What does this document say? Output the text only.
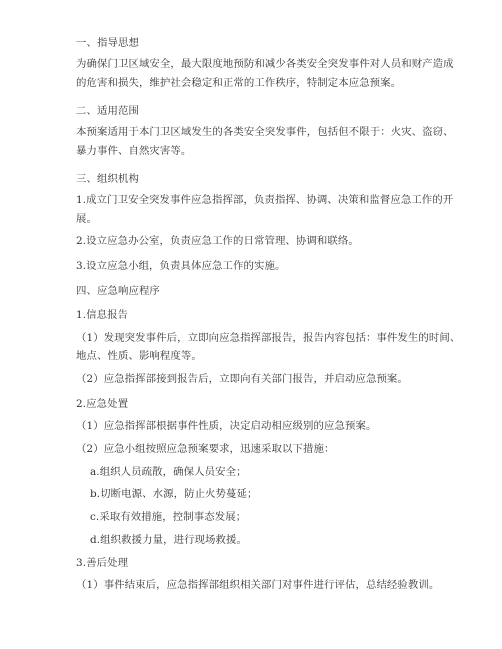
一、指导思想
为确保门卫区域安全，最大限度地预防和减少各类安全突发事件对人员和财产造成
的危害和损失，维护社会稳定和正常的工作秩序，特制定本应急预案。
二、适用范围
本预案适用于本门卫区域发生的各类安全突发事件，包括但不限于：火灾、盗窃、
暴力事件、自然灾害等。
三、组织机构
1.成立门卫安全突发事件应急指挥部，负责指挥、协调、决策和监督应急工作的开
展。
2.设立应急办公室，负责应急工作的日常管理、协调和联络。
3.设立应急小组，负责具体应急工作的实施。
四、应急响应程序
1.信息报告
（1）发现突发事件后，立即向应急指挥部报告，报告内容包括：事件发生的时间、
地点、性质、影响程度等。
（2）应急指挥部接到报告后，立即向有关部门报告，并启动应急预案。
2.应急处置
（1）应急指挥部根据事件性质，决定启动相应级别的应急预案。
（2）应急小组按照应急预案要求，迅速采取以下措施：
a.组织人员疏散，确保人员安全；
b.切断电源、水源，防止火势蔓延；
c.采取有效措施，控制事态发展；
d.组织救援力量，进行现场救援。
3.善后处理
（1）事件结束后，应急指挥部组织相关部门对事件进行评估，总结经验教训。
